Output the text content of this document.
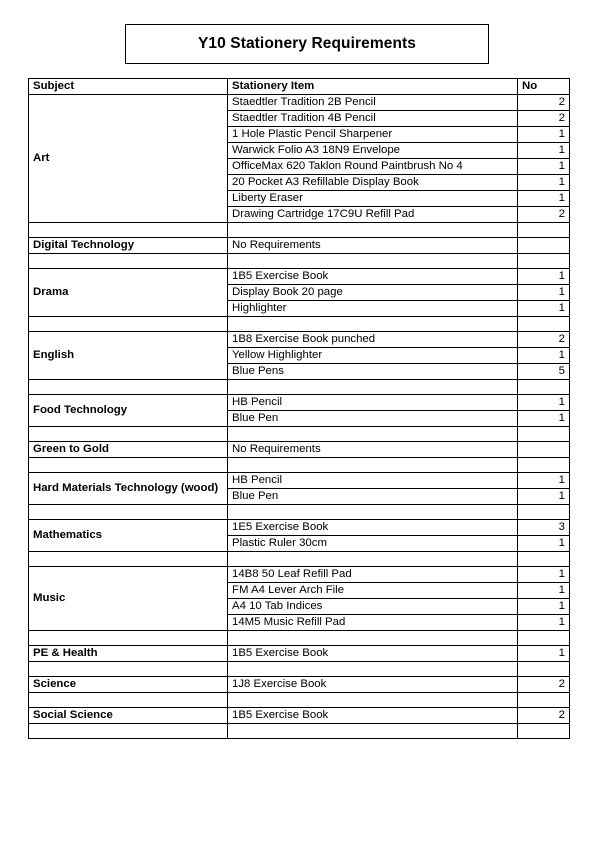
Y10 Stationery Requirements
Subject	Stationery Item	No
Art	Staedtler Tradition 2B Pencil	2
	Staedtler Tradition 4B Pencil	2
	1 Hole Plastic Pencil Sharpener	1
	Warwick Folio A3 18N9 Envelope	1
	OfficeMax 620 Taklon Round Paintbrush No 4	1
	20 Pocket A3 Refillable Display Book	1
	Liberty Eraser	1
	Drawing Cartridge 17C9U Refill Pad	2

Digital Technology	No Requirements	

Drama	1B5 Exercise Book	1
	Display Book 20 page	1
	Highlighter	1

English	1B8 Exercise Book punched	2
	Yellow Highlighter	1
	Blue Pens	5

Food Technology	HB Pencil	1
	Blue Pen	1

Green to Gold	No Requirements	

Hard Materials Technology (wood)	HB Pencil	1
	Blue Pen	1

Mathematics	1E5 Exercise Book	3
	Plastic Ruler 30cm	1

Music	14B8 50 Leaf Refill Pad	1
	FM A4 Lever Arch File	1
	A4 10 Tab Indices	1
	14M5 Music Refill Pad	1

PE & Health	1B5 Exercise Book	1

Science	1J8 Exercise Book	2

Social Science	1B5 Exercise Book	2
